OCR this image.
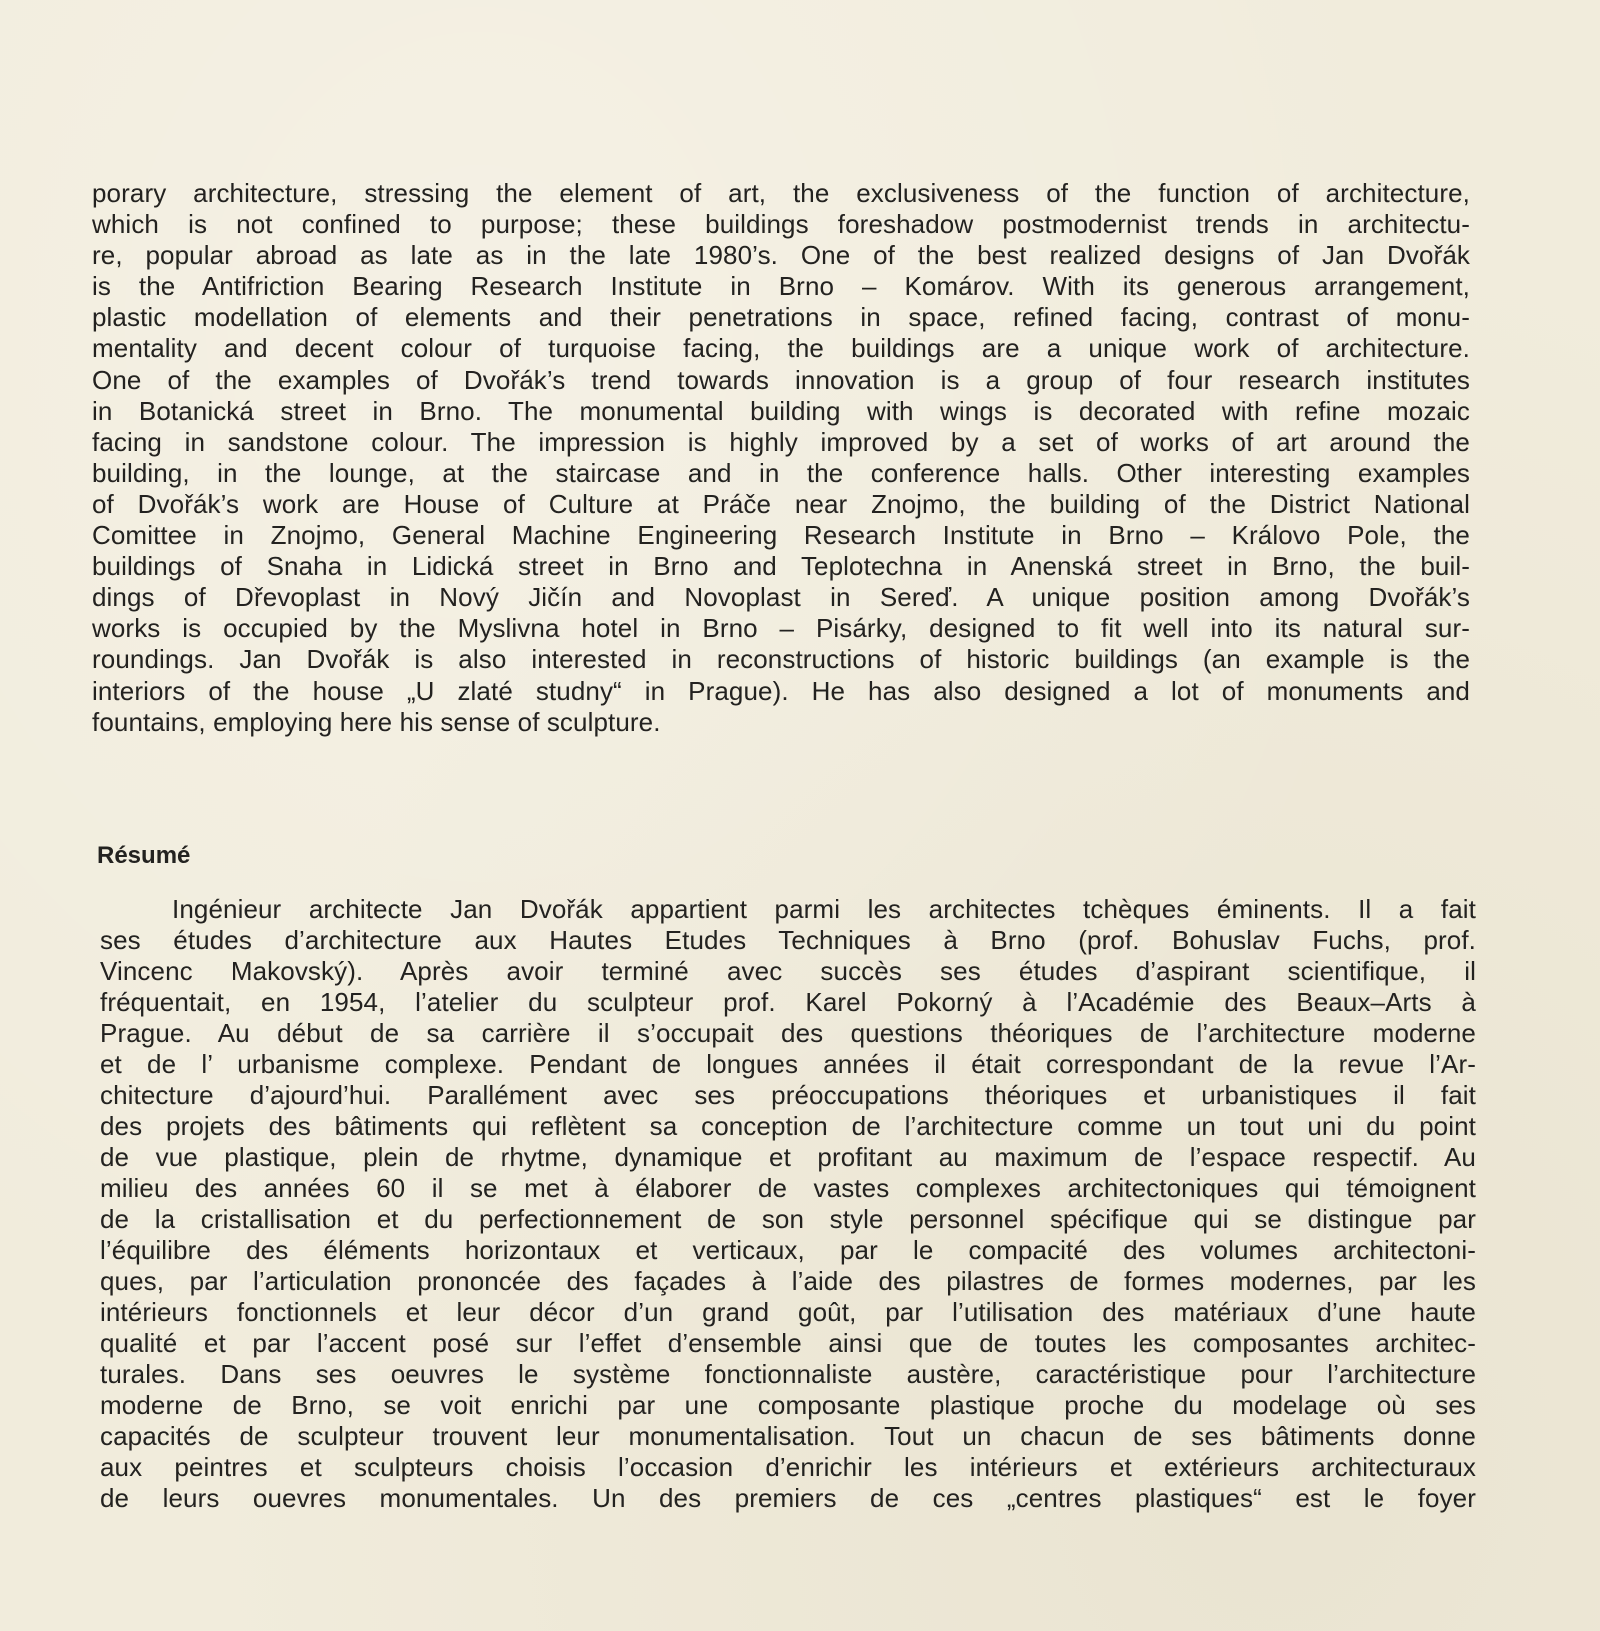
porary architecture, stressing the element of art, the exclusiveness of the function of architecture,
which is not confined to purpose; these buildings foreshadow postmodernist trends in architectu-
re, popular abroad as late as in the late 1980’s. One of the best realized designs of Jan Dvořák
is the Antifriction Bearing Research Institute in Brno – Komárov. With its generous arrangement,
plastic modellation of elements and their penetrations in space, refined facing, contrast of monu-
mentality and decent colour of turquoise facing, the buildings are a unique work of architecture.
One of the examples of Dvořák’s trend towards innovation is a group of four research institutes
in Botanická street in Brno. The monumental building with wings is decorated with refine mozaic
facing in sandstone colour. The impression is highly improved by a set of works of art around the
building, in the lounge, at the staircase and in the conference halls. Other interesting examples
of Dvořák’s work are House of Culture at Práče near Znojmo, the building of the District National
Comittee in Znojmo, General Machine Engineering Research Institute in Brno – Královo Pole, the
buildings of Snaha in Lidická street in Brno and Teplotechna in Anenská street in Brno, the buil-
dings of Dřevoplast in Nový Jičín and Novoplast in Sereď. A unique position among Dvořák’s
works is occupied by the Myslivna hotel in Brno – Pisárky, designed to fit well into its natural sur-
roundings. Jan Dvořák is also interested in reconstructions of historic buildings (an example is the
interiors of the house „U zlaté studny“ in Prague). He has also designed a lot of monuments and
fountains, employing here his sense of sculpture.
Résumé
Ingénieur architecte Jan Dvořák appartient parmi les architectes tchèques éminents. Il a fait
ses études d’architecture aux Hautes Etudes Techniques à Brno (prof. Bohuslav Fuchs, prof.
Vincenc Makovský). Après avoir terminé avec succès ses études d’aspirant scientifique, il
fréquentait, en 1954, l’atelier du sculpteur prof. Karel Pokorný à l’Académie des Beaux–Arts à
Prague. Au début de sa carrière il s’occupait des questions théoriques de l’architecture moderne
et de l’ urbanisme complexe. Pendant de longues années il était correspondant de la revue l’Ar-
chitecture d’ajourd’hui. Parallément avec ses préoccupations théoriques et urbanistiques il fait
des projets des bâtiments qui reflètent sa conception de l’architecture comme un tout uni du point
de vue plastique, plein de rhytme, dynamique et profitant au maximum de l’espace respectif. Au
milieu des années 60 il se met à élaborer de vastes complexes architectoniques qui témoignent
de la cristallisation et du perfectionnement de son style personnel spécifique qui se distingue par
l’équilibre des éléments horizontaux et verticaux, par le compacité des volumes architectoni-
ques, par l’articulation prononcée des façades à l’aide des pilastres de formes modernes, par les
intérieurs fonctionnels et leur décor d’un grand goût, par l’utilisation des matériaux d’une haute
qualité et par l’accent posé sur l’effet d’ensemble ainsi que de toutes les composantes architec-
turales. Dans ses oeuvres le système fonctionnaliste austère, caractéristique pour l’architecture
moderne de Brno, se voit enrichi par une composante plastique proche du modelage où ses
capacités de sculpteur trouvent leur monumentalisation. Tout un chacun de ses bâtiments donne
aux peintres et sculpteurs choisis l’occasion d’enrichir les intérieurs et extérieurs architecturaux
de leurs ouevres monumentales. Un des premiers de ces „centres plastiques“ est le foyer
